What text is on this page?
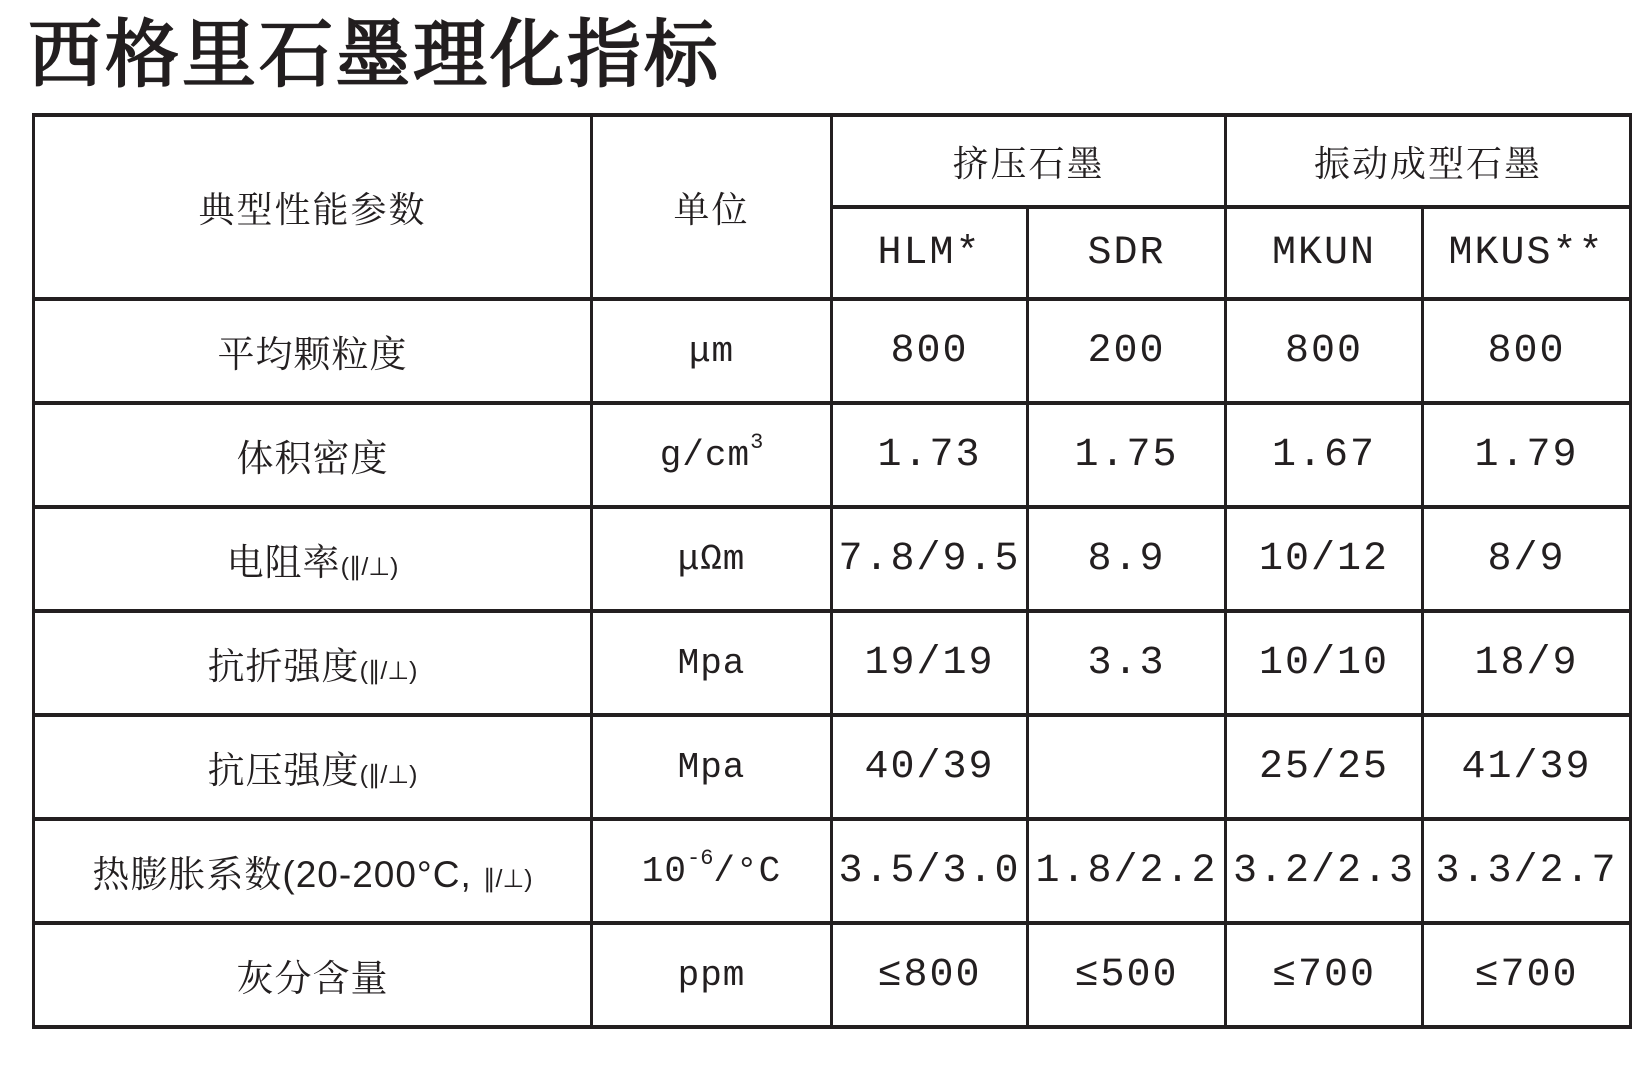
西格里石墨理化指标
典型性能参数	单位	挤压石墨		振动成型石墨	
		HLM*	SDR	MKUN	MKUS**
平均颗粒度	μm	800	200	800	800
体积密度	$g/cm^3$	1.73	1.75	1.67	1.79
电阻率(∥/⊥)	μΩm	7.8/9.5	8.9	10/12	8/9
抗折强度(∥/⊥)	Mpa	19/19	3.3	10/10	18/9
抗压强度(∥/⊥)	Mpa	40/39		25/25	41/39
热膨胀系数(20-200°C, ∥/⊥)	$10^{-6}/^\circ C$	3.5/3.0	1.8/2.2	3.2/2.3	3.3/2.7
灰分含量	ppm	≤800	≤500	≤700	≤700
